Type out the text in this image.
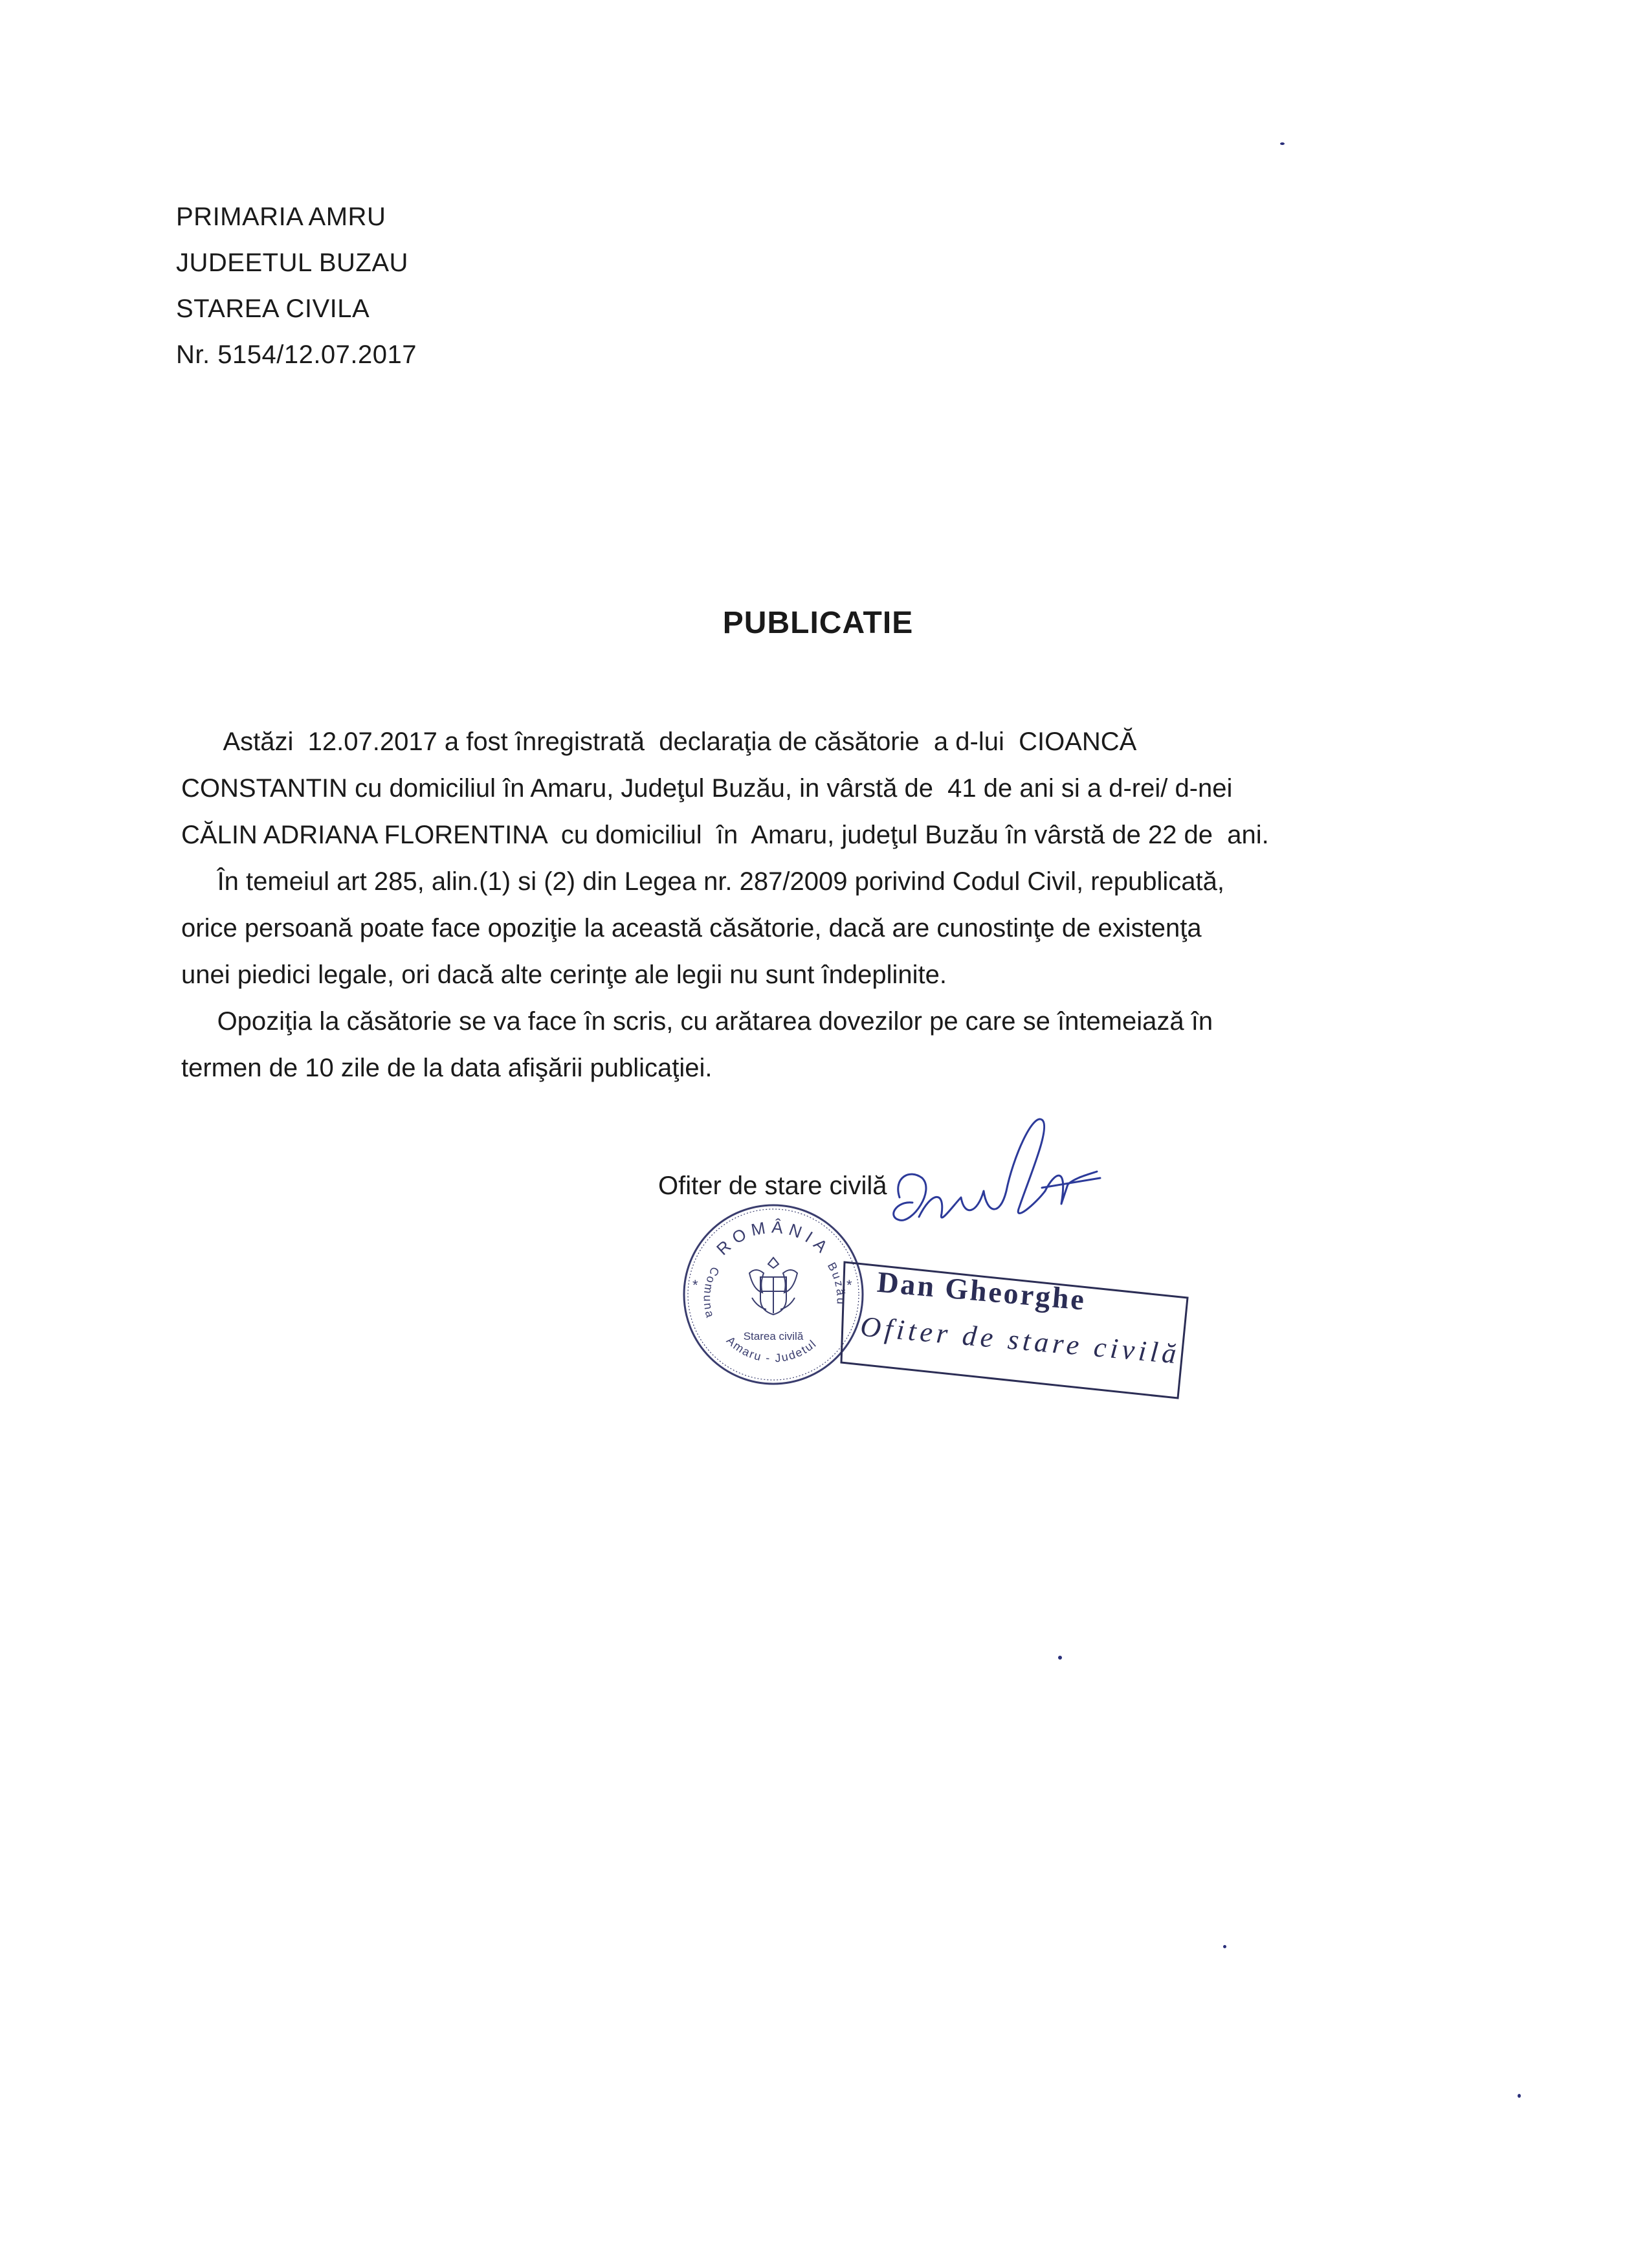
PRIMARIA AMRU
JUDEETUL BUZAU
STAREA CIVILA
Nr. 5154/12.07.2017
PUBLICATIE
Astăzi  12.07.2017 a fost înregistrată  declaraţia de căsătorie  a d-lui  CIOANCĂ
CONSTANTIN cu domiciliul în Amaru, Judeţul Buzău, in vârstă de  41 de ani si a d-rei/ d-nei
CĂLIN ADRIANA FLORENTINA  cu domiciliul  în  Amaru, judeţul Buzău în vârstă de 22 de  ani.
În temeiul art 285, alin.(1) si (2) din Legea nr. 287/2009 porivind Codul Civil, republicată,
orice persoană poate face opoziţie la această căsătorie, dacă are cunostinţe de existenţa
unei piedici legale, ori dacă alte cerinţe ale legii nu sunt îndeplinite.
Opoziţia la căsătorie se va face în scris, cu arătarea dovezilor pe care se întemeiază în
termen de 10 zile de la data afişării publicaţiei.
Ofiter de stare civilă
ROMÂNIA
Comuna
Amaru - Judetul
Buzău
*	*
Starea civilă
Dan Gheorghe
Ofiter de stare civilă
